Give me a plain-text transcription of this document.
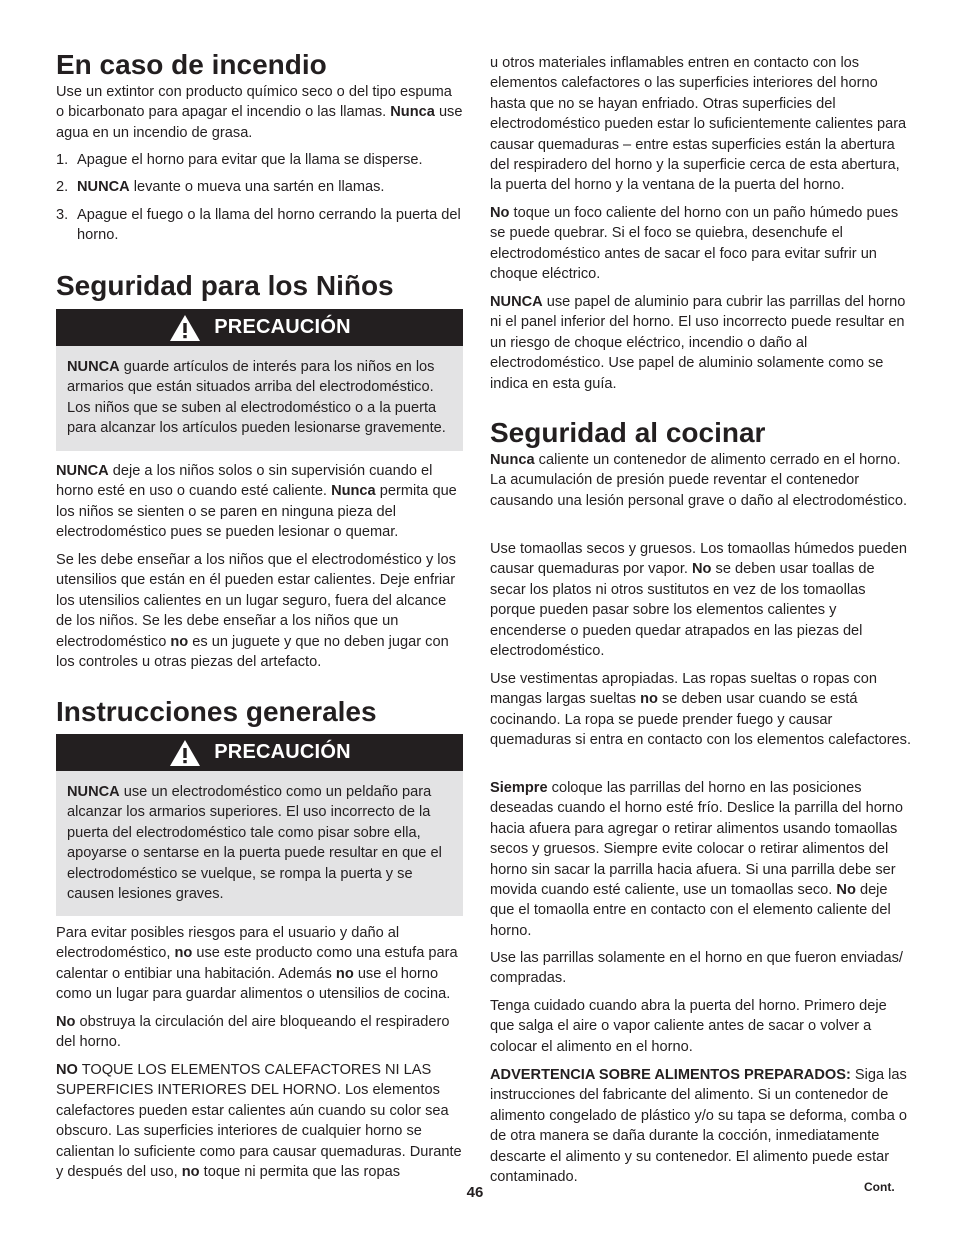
En caso de incendio

Use un extintor con producto químico seco o del tipo espuma o bicarbonato para apagar el incendio o las llamas. Nunca use agua en un incendio de grasa.

1. Apague el horno para evitar que la llama se disperse.
2. NUNCA levante o mueva una sartén en llamas.
3. Apague el fuego o la llama del horno cerrando la puerta del horno.
Seguridad para los Niños
PRECAUCIÓN

NUNCA guarde artículos de interés para los niños en los armarios que están situados arriba del electrodoméstico. Los niños que se suben al electrodoméstico o a la puerta para alcanzar los artículos pueden lesionarse gravemente.

NUNCA deje a los niños solos o sin supervisión cuando el horno esté en uso o cuando esté caliente. Nunca permita que los niños se sienten o se paren en ninguna pieza del electrodoméstico pues se pueden lesionar o quemar.

Se les debe enseñar a los niños que el electrodoméstico y los utensilios que están en él pueden estar calientes. Deje enfriar los utensilios calientes en un lugar seguro, fuera del alcance de los niños. Se les debe enseñar a los niños que un electrodoméstico no es un juguete y que no deben jugar con los controles u otras piezas del artefacto.

Instrucciones generales
PRECAUCIÓN

NUNCA use un electrodoméstico como un peldaño para alcanzar los armarios superiores. El uso incorrecto de la puerta del electrodoméstico tale como pisar sobre ella, apoyarse o sentarse en la puerta puede resultar en que el electrodoméstico se vuelque, se rompa la puerta y se causen lesiones graves.

Para evitar posibles riesgos para el usuario y daño al electrodoméstico, no use este producto como una estufa para calentar o entibiar una habitación. Además no use el horno como un lugar para guardar alimentos o utensilios de cocina.

No obstruya la circulación del aire bloqueando el respiradero del horno.

NO TOQUE LOS ELEMENTOS CALEFACTORES NI LAS SUPERFICIES INTERIORES DEL HORNO. Los elementos calefactores pueden estar calientes aún cuando su color sea obscuro. Las superficies interiores de cualquier horno se calientan lo suficiente como para causar quemaduras. Durante y después del uso, no toque ni permita que las ropas

u otros materiales inflamables entren en contacto con los elementos calefactores o las superficies interiores del horno hasta que no se hayan enfriado. Otras superficies del electrodoméstico pueden estar lo suficientemente calientes para causar quemaduras – entre estas superficies están la abertura del respiradero del horno y la superficie cerca de esta abertura, la puerta del horno y la ventana de la puerta del horno.

No toque un foco caliente del horno con un paño húmedo pues se puede quebrar. Si el foco se quiebra, desenchufe el electrodoméstico antes de sacar el foco para evitar sufrir un choque eléctrico.

NUNCA use papel de aluminio para cubrir las parrillas del horno ni el panel inferior del horno. El uso incorrecto puede resultar en un riesgo de choque eléctrico, incendio o daño al electrodoméstico. Use papel de aluminio solamente como se indica en esta guía.

Seguridad al cocinar

Nunca caliente un contenedor de alimento cerrado en el horno. La acumulación de presión puede reventar el contenedor causando una lesión personal grave o daño al electrodoméstico.

Use tomaollas secos y gruesos. Los tomaollas húmedos pueden causar quemaduras por vapor. No se deben usar toallas de secar los platos ni otros sustitutos en vez de los tomaollas porque pueden pasar sobre los elementos calientes y encenderse o pueden quedar atrapados en las piezas del electrodoméstico.

Use vestimentas apropiadas. Las ropas sueltas o ropas con mangas largas sueltas no se deben usar cuando se está cocinando. La ropa se puede prender fuego y causar quemaduras si entra en contacto con los elementos calefactores.

Siempre coloque las parrillas del horno en las posiciones deseadas cuando el horno esté frío. Deslice la parrilla del horno hacia afuera para agregar o retirar alimentos usando tomaollas secos y gruesos. Siempre evite colocar o retirar alimentos del horno sin sacar la parrilla hacia afuera. Si una parrilla debe ser movida cuando esté caliente, use un tomaollas seco. No deje que el tomaolla entre en contacto con el elemento caliente del horno.

Use las parrillas solamente en el horno en que fueron enviadas/ compradas.

Tenga cuidado cuando abra la puerta del horno. Primero deje que salga el aire o vapor caliente antes de sacar o volver a colocar el alimento en el horno.

ADVERTENCIA SOBRE ALIMENTOS PREPARADOS: Siga las instrucciones del fabricante del alimento. Si un contenedor de alimento congelado de plástico y/o su tapa se deforma, comba o de otra manera se daña durante la cocción, inmediatamente descarte el alimento y su contenedor. El alimento puede estar contaminado.

46	Cont.
